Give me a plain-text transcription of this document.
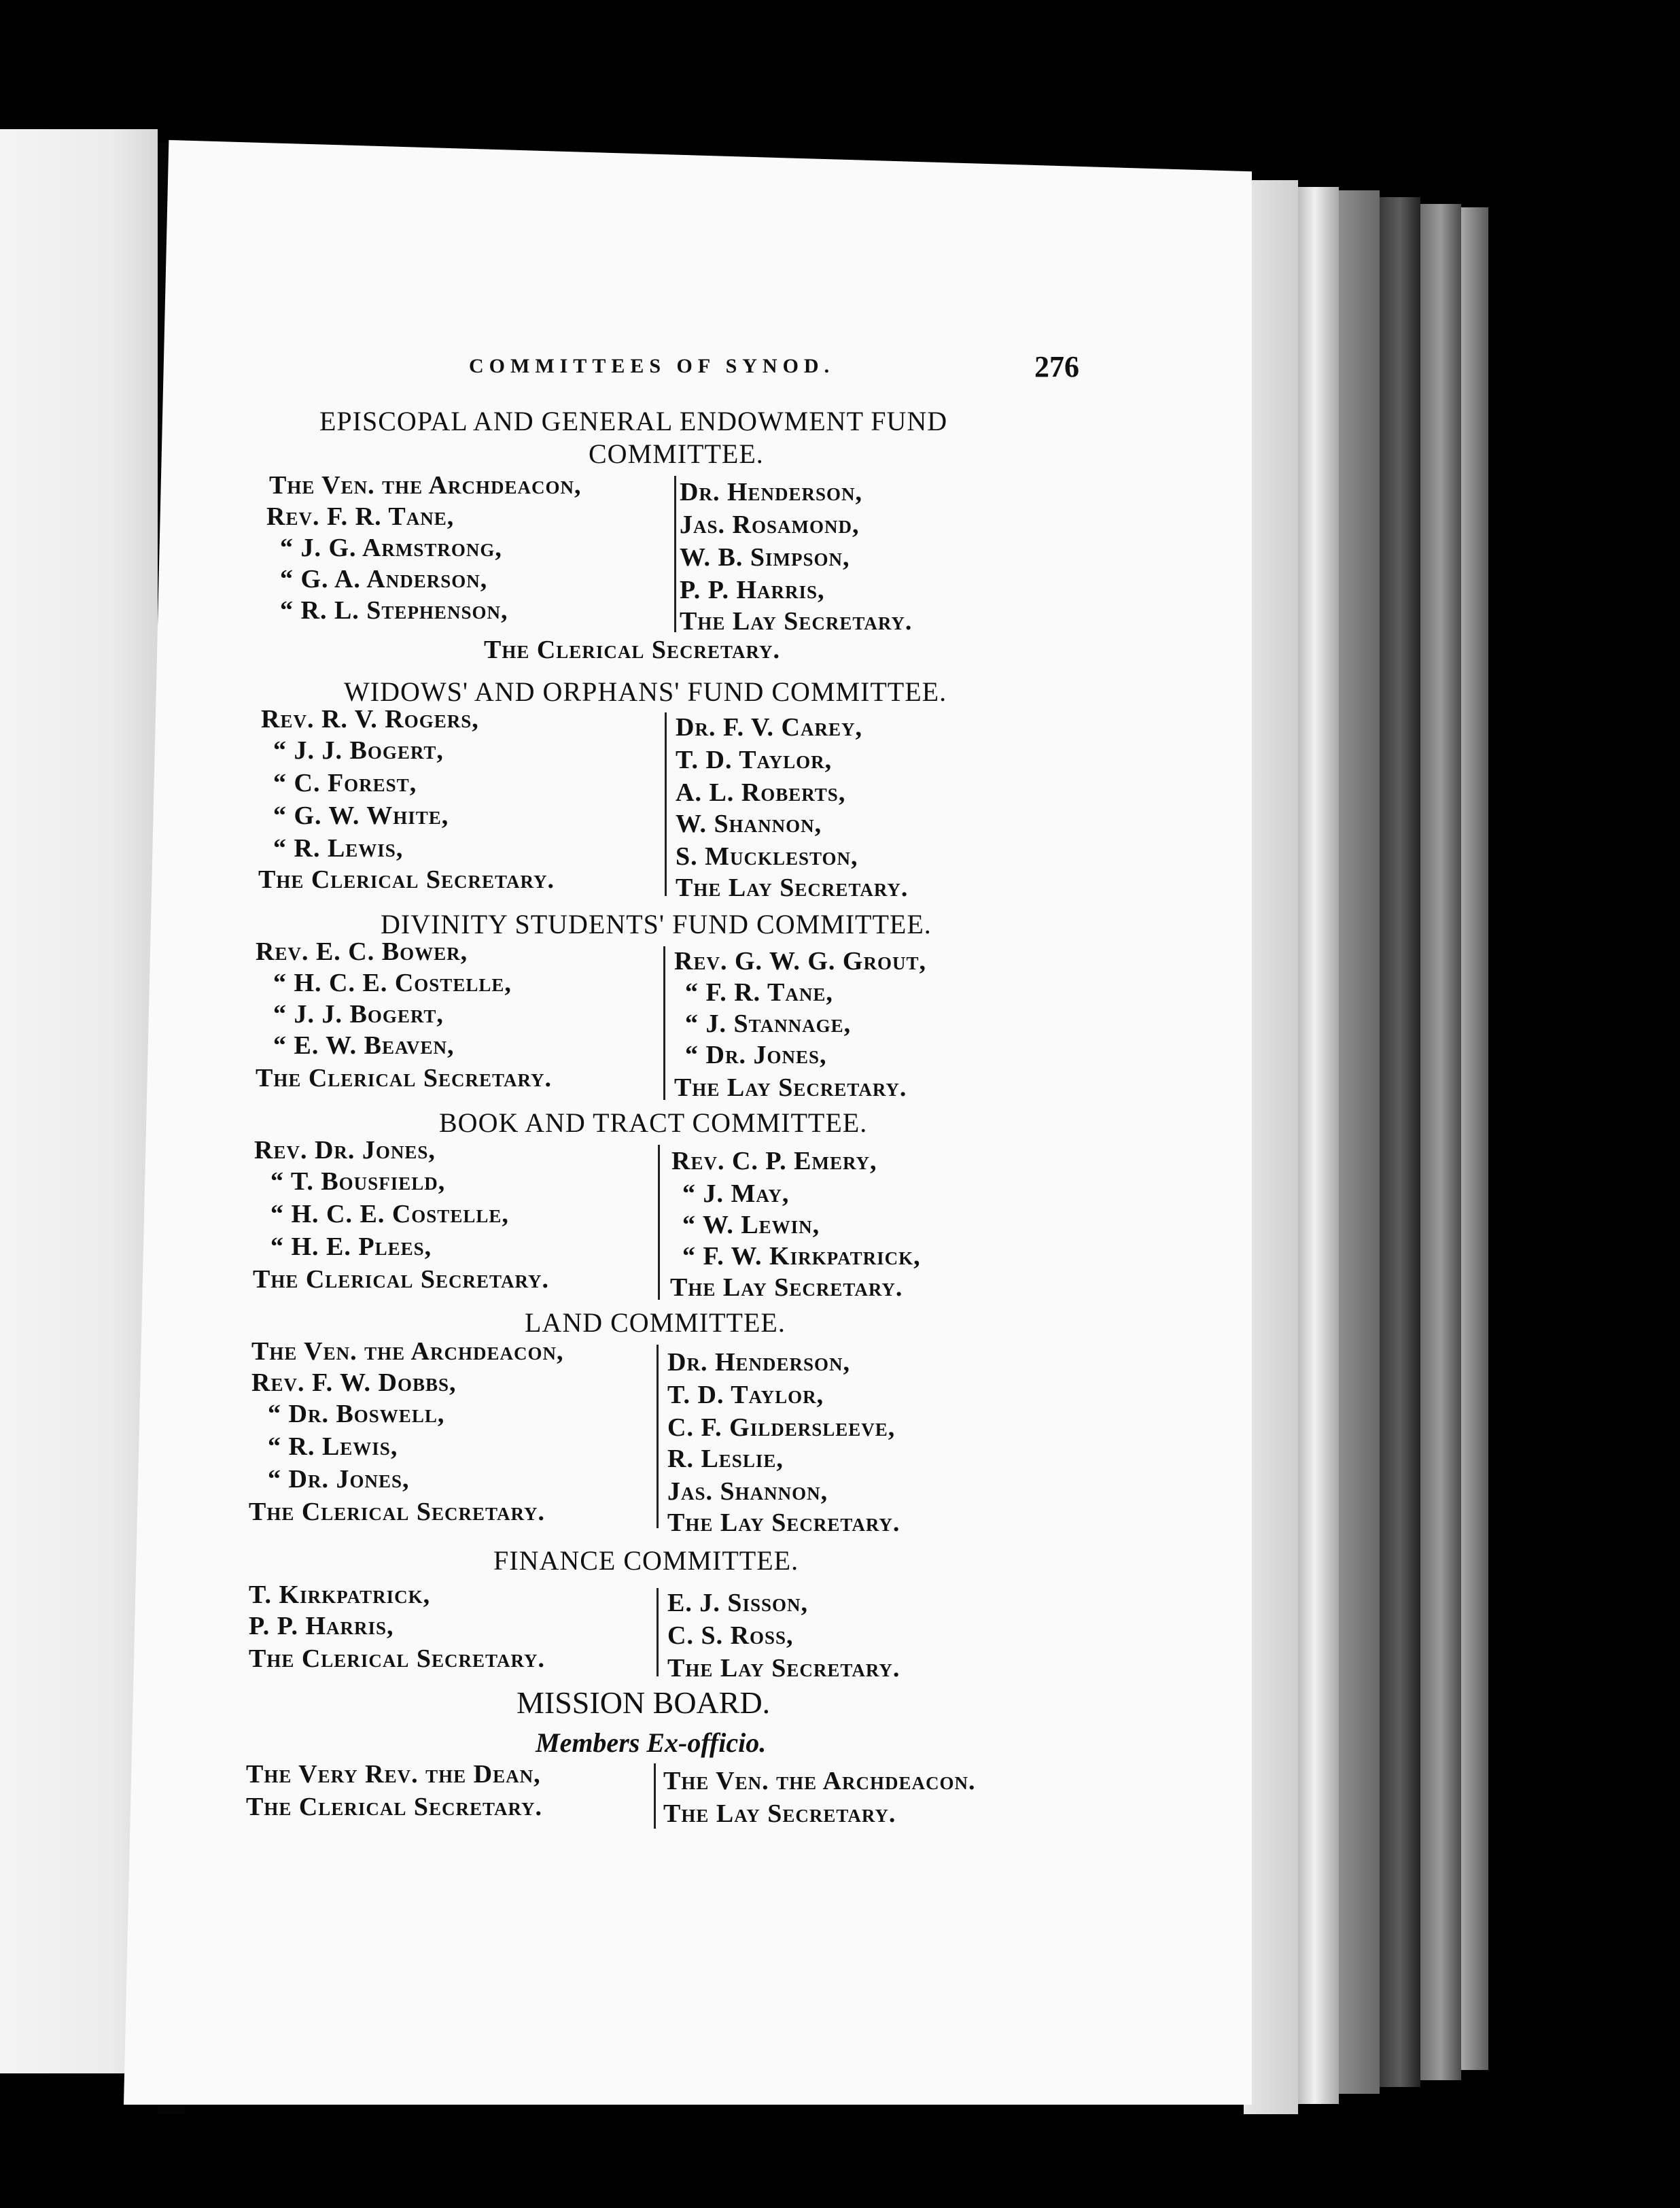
COMMITTEES OF SYNOD.	276
EPISCOPAL AND GENERAL ENDOWMENT FUND
COMMITTEE.
The Ven. the Archdeacon,
Rev. F. R. Tane,
“ J. G. Armstrong,
“ G. A. Anderson,
“ R. L. Stephenson,
Dr. Henderson,
Jas. Rosamond,
W. B. Simpson,
P. P. Harris,
The Lay Secretary.
The Clerical Secretary.
WIDOWS' AND ORPHANS' FUND COMMITTEE.
Rev. R. V. Rogers,
“ J. J. Bogert,
“ C. Forest,
“ G. W. White,
“ R. Lewis,
The Clerical Secretary.
Dr. F. V. Carey,
T. D. Taylor,
A. L. Roberts,
W. Shannon,
S. Muckleston,
The Lay Secretary.
DIVINITY STUDENTS' FUND COMMITTEE.
Rev. E. C. Bower,
“ H. C. E. Costelle,
“ J. J. Bogert,
“ E. W. Beaven,
The Clerical Secretary.
Rev. G. W. G. Grout,
“ F. R. Tane,
“ J. Stannage,
“ Dr. Jones,
The Lay Secretary.
BOOK AND TRACT COMMITTEE.
Rev. Dr. Jones,
“ T. Bousfield,
“ H. C. E. Costelle,
“ H. E. Plees,
The Clerical Secretary.
Rev. C. P. Emery,
“ J. May,
“ W. Lewin,
“ F. W. Kirkpatrick,
The Lay Secretary.
LAND COMMITTEE.
The Ven. the Archdeacon,
Rev. F. W. Dobbs,
“ Dr. Boswell,
“ R. Lewis,
“ Dr. Jones,
The Clerical Secretary.
Dr. Henderson,
T. D. Taylor,
C. F. Gildersleeve,
R. Leslie,
Jas. Shannon,
The Lay Secretary.
FINANCE COMMITTEE.
T. Kirkpatrick,
P. P. Harris,
The Clerical Secretary.
E. J. Sisson,
C. S. Ross,
The Lay Secretary.
MISSION BOARD.
Members Ex-officio.
The Very Rev. the Dean,
The Clerical Secretary.
The Ven. the Archdeacon.
The Lay Secretary.
